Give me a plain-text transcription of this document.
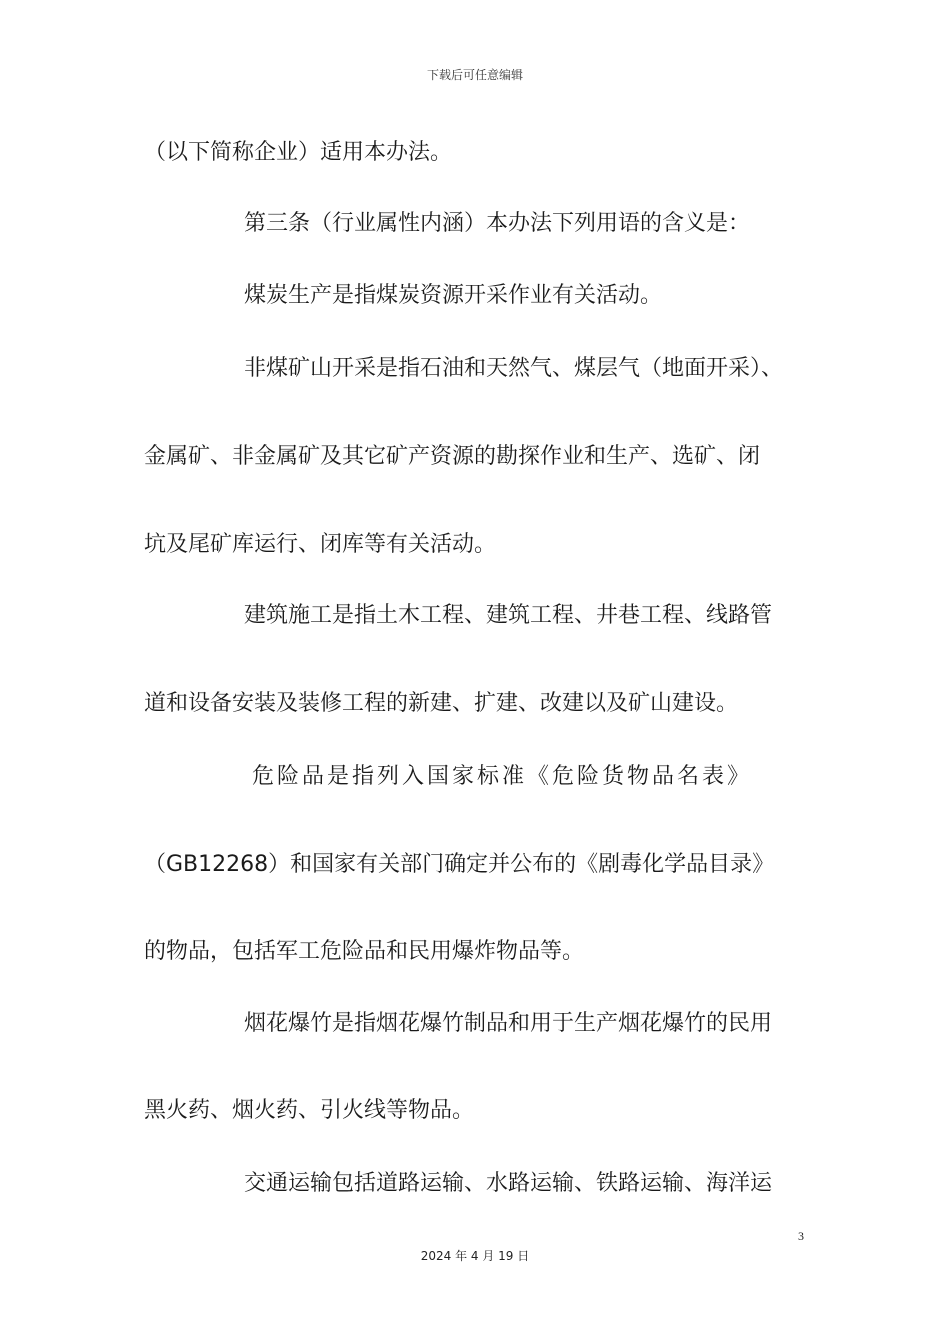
下载后可任意编辑
（以下简称企业）适用本办法。
第三条（行业属性内涵）本办法下列用语的含义是：
煤炭生产是指煤炭资源开采作业有关活动。
非煤矿山开采是指石油和天然气、煤层气（地面开采）、
金属矿、非金属矿及其它矿产资源的勘探作业和生产、选矿、闭
坑及尾矿库运行、闭库等有关活动。
建筑施工是指土木工程、建筑工程、井巷工程、线路管
道和设备安装及装修工程的新建、扩建、改建以及矿山建设。
危险品是指列入国家标准《危险货物品名表》
（GB12268）和国家有关部门确定并公布的《剧毒化学品目录》
的物品，包括军工危险品和民用爆炸物品等。
烟花爆竹是指烟花爆竹制品和用于生产烟花爆竹的民用
黑火药、烟火药、引火线等物品。
交通运输包括道路运输、水路运输、铁路运输、海洋运
3
2024 年 4 月 19 日
